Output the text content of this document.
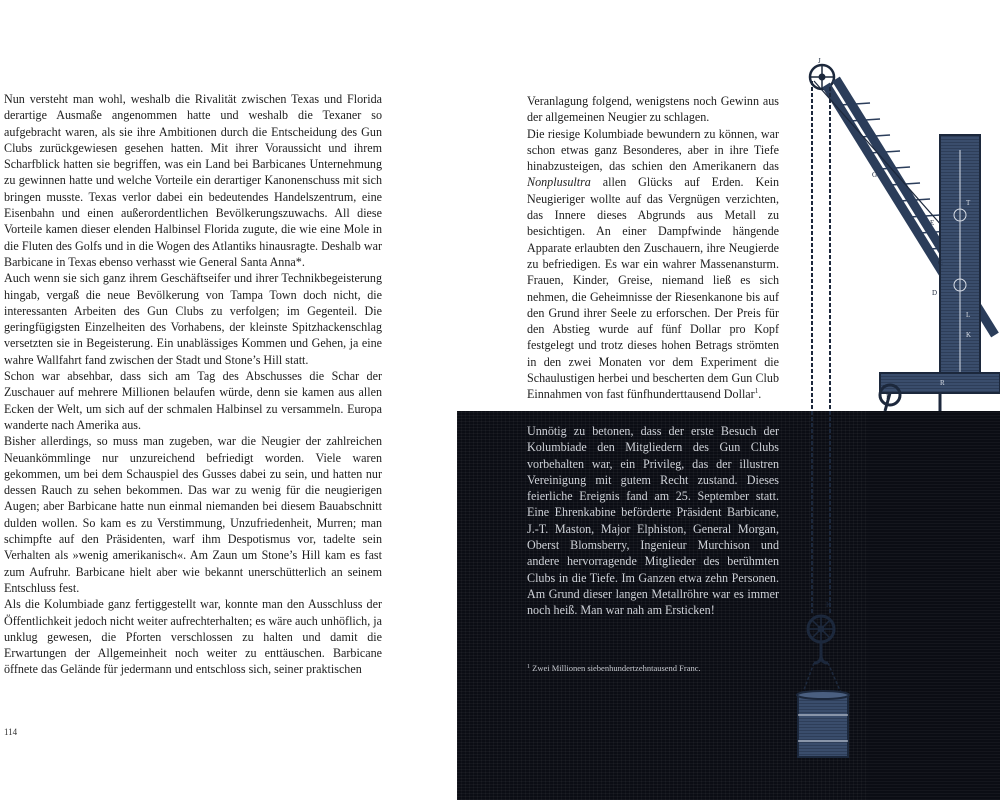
Nun versteht man wohl, weshalb die Rivalität zwischen Texas und Florida derartige Ausmaße angenommen hatte und weshalb die Texaner so aufgebracht waren, als sie ihre Ambitionen durch die Entscheidung des Gun Clubs zurückgewiesen gesehen hatten. Mit ihrer Voraussicht und ihrem Scharfblick hatten sie begriffen, was ein Land bei Barbicanes Unternehmung zu gewinnen hatte und welche Vorteile ein derartiger Kanonenschuss mit sich bringen musste. Texas verlor dabei ein bedeutendes Handelszentrum, eine Eisenbahn und einen außerordentlichen Bevölkerungszuwachs. All diese Vorteile kamen dieser elenden Halbinsel Florida zugute, die wie eine Mole in die Fluten des Golfs und in die Wogen des Atlantiks hinausragte. Deshalb war Barbicane in Texas ebenso verhasst wie General Santa Anna*.

Auch wenn sie sich ganz ihrem Geschäftseifer und ihrer Technikbegeisterung hingab, vergaß die neue Bevölkerung von Tampa Town doch nicht, die interessanten Arbeiten des Gun Clubs zu verfolgen; im Gegenteil. Die geringfügigsten Einzelheiten des Vorhabens, der kleinste Spitzhackenschlag versetzten sie in Begeisterung. Ein unablässiges Kommen und Gehen, ja eine wahre Wallfahrt fand zwischen der Stadt und Stone’s Hill statt.

Schon war absehbar, dass sich am Tag des Abschusses die Schar der Zuschauer auf mehrere Millionen belaufen würde, denn sie kamen aus allen Ecken der Welt, um sich auf der schmalen Halbinsel zu versammeln. Europa wanderte nach Amerika aus.

Bisher allerdings, so muss man zugeben, war die Neugier der zahlreichen Neuankömmlinge nur unzureichend befriedigt worden. Viele waren gekommen, um bei dem Schauspiel des Gusses dabei zu sein, und hatten nur dessen Rauch zu sehen bekommen. Das war zu wenig für die neugierigen Augen; aber Barbicane hatte nun einmal niemanden bei diesem Bauabschnitt dulden wollen. So kam es zu Verstimmung, Unzufriedenheit, Murren; man schimpfte auf den Präsidenten, warf ihm Despotismus vor, tadelte sein Verhalten als »wenig amerikanisch«. Am Zaun um Stone’s Hill kam es fast zum Aufruhr. Barbicane hielt aber wie bekannt unerschütterlich an seinem Entschluss fest.

Als die Kolumbiade ganz fertiggestellt war, konnte man den Ausschluss der Öffentlichkeit jedoch nicht weiter aufrechterhalten; es wäre auch unhöflich, ja unklug gewesen, die Pforten verschlossen zu halten und damit die Erwartungen der Allgemeinheit noch weiter zu enttäuschen. Barbicane öffnete das Gelände für jedermann und entschloss sich, seiner praktischen

114

Veranlagung folgend, wenigstens noch Gewinn aus der allgemeinen Neugier zu schlagen.

Die riesige Kolumbiade bewundern zu können, war schon etwas ganz Besonderes, aber in ihre Tiefe hinabzusteigen, das schien den Amerikanern das Nonplusultra allen Glücks auf Erden. Kein Neugieriger wollte auf das Vergnügen verzichten, das Innere dieses Abgrunds aus Metall zu besichtigen. An einer Dampfwinde hängende Apparate erlaubten den Zuschauern, ihre Neugierde zu befriedigen. Es war ein wahrer Massenansturm. Frauen, Kinder, Greise, niemand ließ es sich nehmen, die Geheimnisse der Riesenkanone bis auf den Grund ihrer Seele zu erforschen. Der Preis für den Abstieg wurde auf fünf Dollar pro Kopf festgelegt und trotz dieses hohen Betrags strömten in den zwei Monaten vor dem Experiment die Schaulustigen herbei und bescherten dem Gun Club Einnahmen von fast fünfhunderttausend Dollar$^1$.

Unnötig zu betonen, dass der erste Besuch der Kolumbiade den Mitgliedern des Gun Clubs vorbehalten war, ein Privileg, das der illustren Vereinigung mit gutem Recht zustand. Dieses feierliche Ereignis fand am 25. September statt. Eine Ehrenkabine beförderte Präsident Barbicane, J.-T. Maston, Major Elphiston, General Morgan, Oberst Blomsberry, Ingenieur Murchison und andere hervorragende Mitglieder des berühmten Clubs in die Tiefe. Im Ganzen etwa zehn Personen. Am Grund dieser langen Metallröhre war es immer noch heiß. Man war nah am Ersticken!

$^1$ Zwei Millionen siebenhundertzehntausend Franc.
J
G
T
E
C
D
L
K
R
I
K
